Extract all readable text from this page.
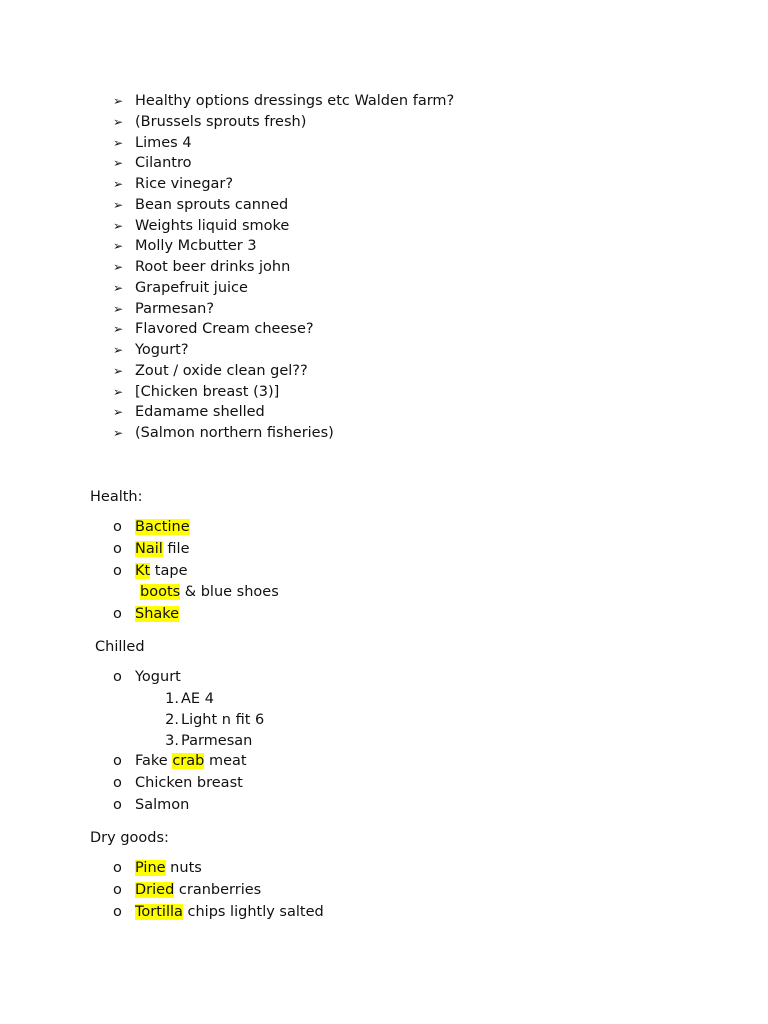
➢ Healthy options dressings etc Walden farm?
➢ (Brussels sprouts fresh)
➢ Limes 4
➢ Cilantro
➢ Rice vinegar?
➢ Bean sprouts canned
➢ Weights liquid smoke
➢ Molly Mcbutter 3
➢ Root beer drinks john
➢ Grapefruit juice
➢ Parmesan?
➢ Flavored Cream cheese?
➢ Yogurt?
➢ Zout / oxide clean gel??
➢ [Chicken breast (3)]
➢ Edamame shelled
➢ (Salmon northern fisheries)
Health:
o Bactine
o Nail file
o Kt tape
boots & blue shoes
o Shake
Chilled
o Yogurt
1. AE 4
2. Light n fit 6
3. Parmesan
o Fake crab meat
o Chicken breast
o Salmon
Dry goods:
o Pine nuts
o Dried cranberries
o Tortilla chips lightly salted
